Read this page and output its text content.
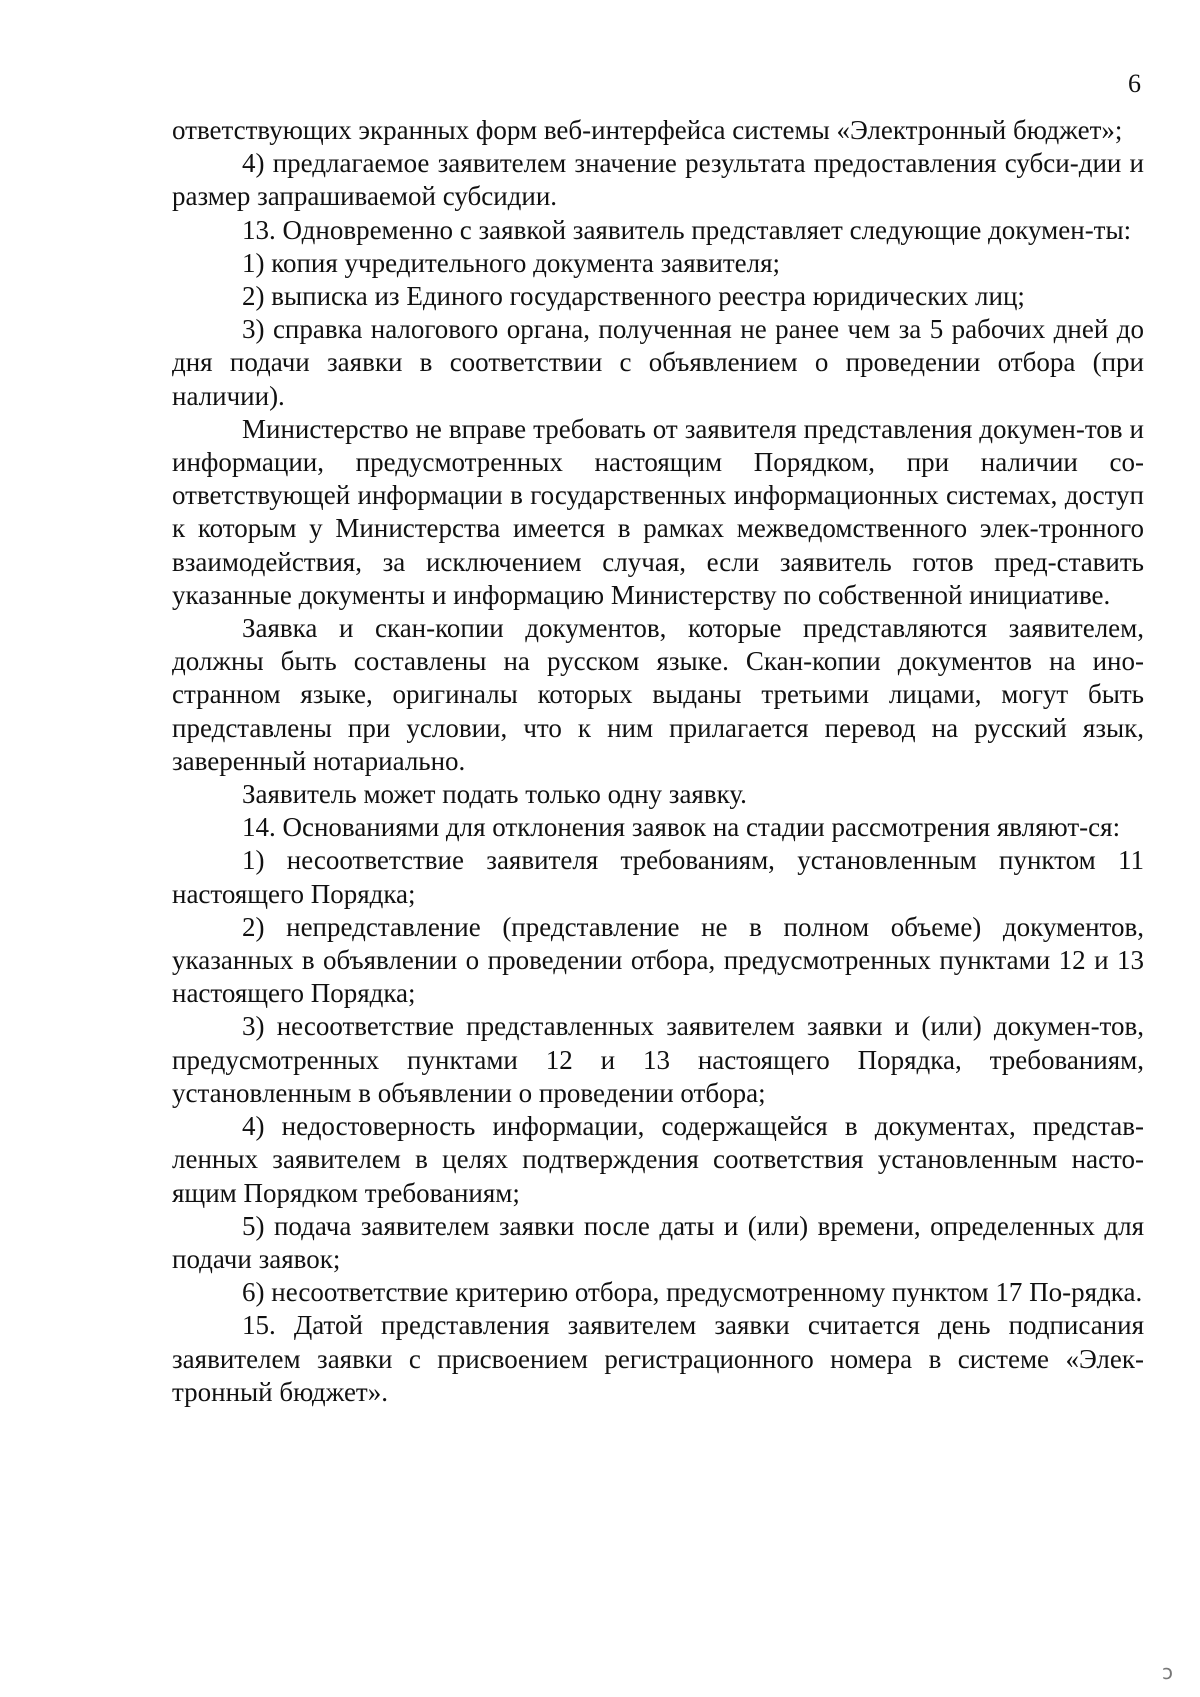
6

ответствующих экранных форм веб-интерфейса системы «Электронный бюджет»;

4) предлагаемое заявителем значение результата предоставления субси-дии и размер запрашиваемой субсидии.

13. Одновременно с заявкой заявитель представляет следующие докумен-ты:

1) копия учредительного документа заявителя;

2) выписка из Единого государственного реестра юридических лиц;

3) справка налогового органа, полученная не ранее чем за 5 рабочих дней до дня подачи заявки в соответствии с объявлением о проведении отбора (при наличии).

Министерство не вправе требовать от заявителя представления докумен-тов и информации, предусмотренных настоящим Порядком, при наличии со-ответствующей информации в государственных информационных системах, доступ к которым у Министерства имеется в рамках межведомственного элек-тронного взаимодействия, за исключением случая, если заявитель готов пред-ставить указанные документы и информацию Министерству по собственной инициативе.

Заявка и скан-копии документов, которые представляются заявителем, должны быть составлены на русском языке. Скан-копии документов на ино-странном языке, оригиналы которых выданы третьими лицами, могут быть представлены при условии, что к ним прилагается перевод на русский язык, заверенный нотариально.

Заявитель может подать только одну заявку.

14. Основаниями для отклонения заявок на стадии рассмотрения являют-ся:

1) несоответствие заявителя требованиям, установленным пунктом 11 настоящего Порядка;

2) непредставление (представление не в полном объеме) документов, указанных в объявлении о проведении отбора, предусмотренных пунктами 12 и 13 настоящего Порядка;

3) несоответствие представленных заявителем заявки и (или) докумен-тов, предусмотренных пунктами 12 и 13 настоящего Порядка, требованиям, установленным в объявлении о проведении отбора;

4) недостоверность информации, содержащейся в документах, представ-ленных заявителем в целях подтверждения соответствия установленным насто-ящим Порядком требованиям;

5) подача заявителем заявки после даты и (или) времени, определенных для подачи заявок;

6) несоответствие критерию отбора, предусмотренному пунктом 17 По-рядка.

15. Датой представления заявителем заявки считается день подписания заявителем заявки с присвоением регистрационного номера в системе «Элек-тронный бюджет».

ↄ
